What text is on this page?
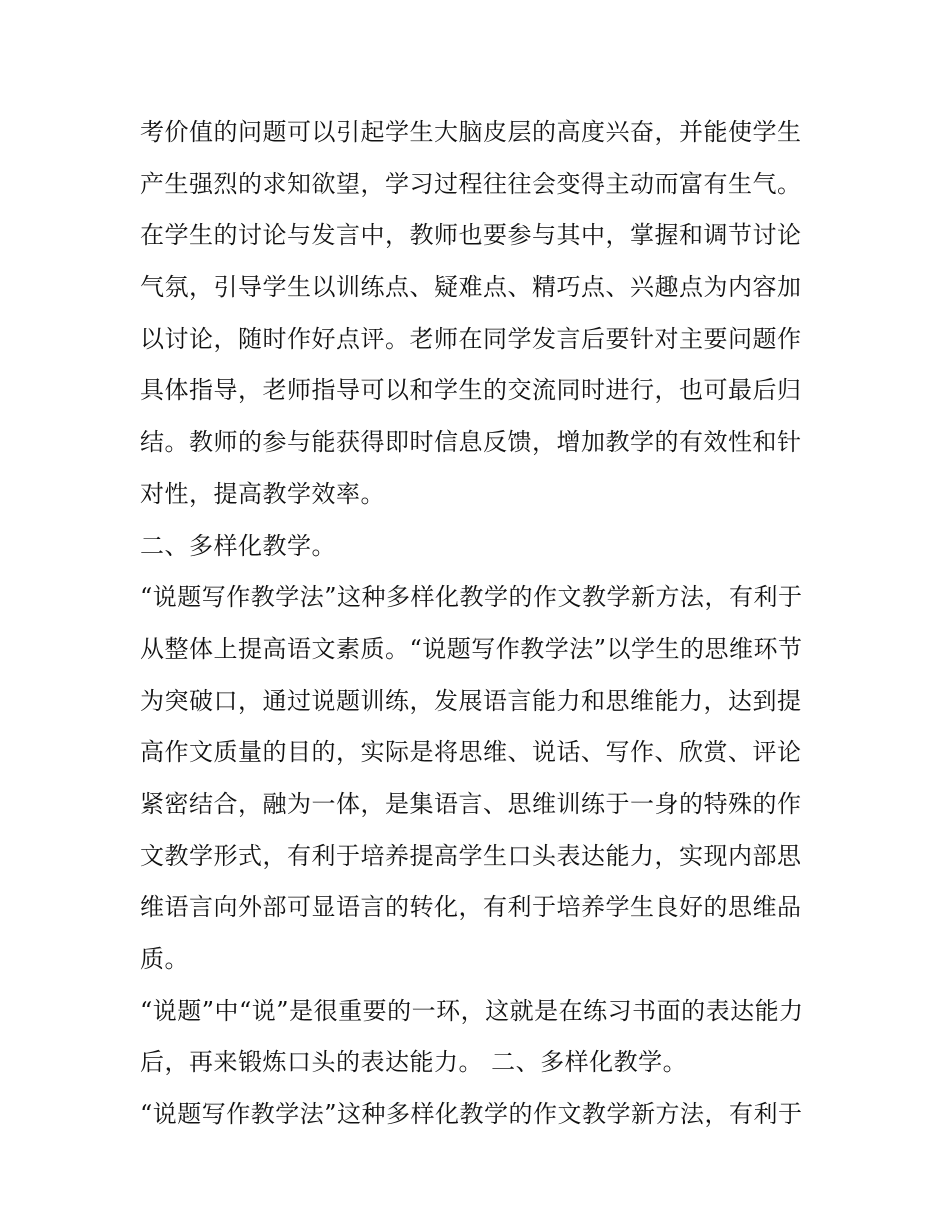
考价值的问题可以引起学生大脑皮层的高度兴奋，并能使学生
产生强烈的求知欲望，学习过程往往会变得主动而富有生气。
在学生的讨论与发言中，教师也要参与其中，掌握和调节讨论
气氛，引导学生以训练点、疑难点、精巧点、兴趣点为内容加
以讨论，随时作好点评。老师在同学发言后要针对主要问题作
具体指导，老师指导可以和学生的交流同时进行，也可最后归
结。教师的参与能获得即时信息反馈，增加教学的有效性和针
对性，提高教学效率。
二、多样化教学。
“说题写作教学法”这种多样化教学的作文教学新方法，有利于
从整体上提高语文素质。“说题写作教学法”以学生的思维环节
为突破口，通过说题训练，发展语言能力和思维能力，达到提
高作文质量的目的，实际是将思维、说话、写作、欣赏、评论
紧密结合，融为一体，是集语言、思维训练于一身的特殊的作
文教学形式，有利于培养提高学生口头表达能力，实现内部思
维语言向外部可显语言的转化，有利于培养学生良好的思维品
质。
“说题”中“说”是很重要的一环，这就是在练习书面的表达能力
后，再来锻炼口头的表达能力。 二、多样化教学。
“说题写作教学法”这种多样化教学的作文教学新方法，有利于
